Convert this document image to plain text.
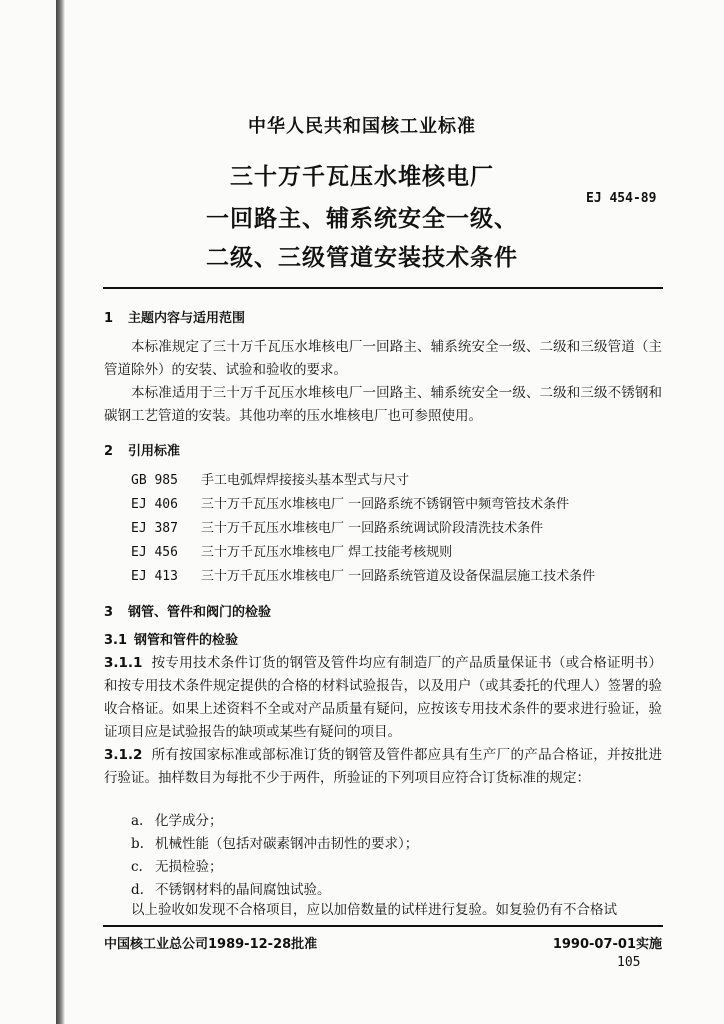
中华人民共和国核工业标准
三十万千瓦压水堆核电厂
一回路主、辅系统安全一级、
二级、三级管道安装技术条件
EJ 454-89
1 主题内容与适用范围
本标准规定了三十万千瓦压水堆核电厂一回路主、辅系统安全一级、二级和三级管道（主管道除外）的安装、试验和验收的要求。
本标准适用于三十万千瓦压水堆核电厂一回路主、辅系统安全一级、二级和三级不锈钢和碳钢工艺管道的安装。其他功率的压水堆核电厂也可参照使用。
2 引用标准
GB 985 手工电弧焊焊接接头基本型式与尺寸
EJ 406 三十万千瓦压水堆核电厂 一回路系统不锈钢管中频弯管技术条件
EJ 387 三十万千瓦压水堆核电厂 一回路系统调试阶段清洗技术条件
EJ 456 三十万千瓦压水堆核电厂 焊工技能考核规则
EJ 413 三十万千瓦压水堆核电厂 一回路系统管道及设备保温层施工技术条件
3 钢管、管件和阀门的检验
3.1 钢管和管件的检验
3.1.1 按专用技术条件订货的钢管及管件均应有制造厂的产品质量保证书（或合格证明书）和按专用技术条件规定提供的合格的材料试验报告，以及用户（或其委托的代理人）签署的验收合格证。如果上述资料不全或对产品质量有疑问，应按该专用技术条件的要求进行验证，验证项目应是试验报告的缺项或某些有疑问的项目。
3.1.2 所有按国家标准或部标准订货的钢管及管件都应具有生产厂的产品合格证，并按批进行验证。抽样数目为每批不少于两件，所验证的下列项目应符合订货标准的规定：
a. 化学成分；
b. 机械性能（包括对碳素钢冲击韧性的要求）；
c. 无损检验；
d. 不锈钢材料的晶间腐蚀试验。
以上验收如发现不合格项目，应以加倍数量的试样进行复验。如复验仍有不合格试
中国核工业总公司1989-12-28批准	1990-07-01实施
105
